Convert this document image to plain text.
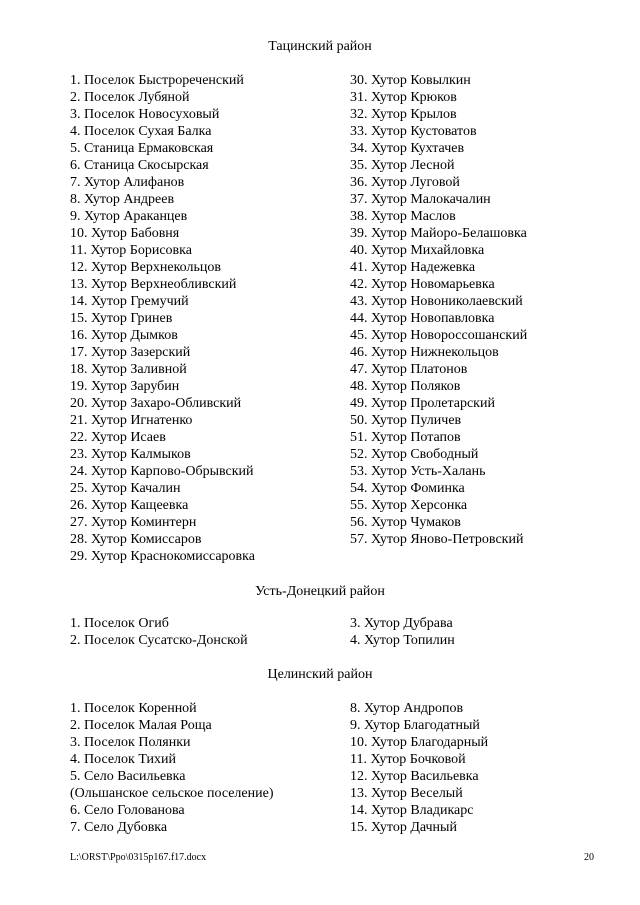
Тацинский район
1. Поселок Быстрореченский
2. Поселок Лубяной
3. Поселок Новосуховый
4. Поселок Сухая Балка
5. Станица Ермаковская
6. Станица Скосырская
7. Хутор Алифанов
8. Хутор Андреев
9. Хутор Араканцев
10. Хутор Бабовня
11. Хутор Борисовка
12. Хутор Верхнекольцов
13. Хутор Верхнеобливский
14. Хутор Гремучий
15. Хутор Гринев
16. Хутор Дымков
17. Хутор Зазерский
18. Хутор Заливной
19. Хутор Зарубин
20. Хутор Захаро-Обливский
21. Хутор Игнатенко
22. Хутор Исаев
23. Хутор Калмыков
24. Хутор Карпово-Обрывский
25. Хутор Качалин
26. Хутор Кащеевка
27. Хутор Коминтерн
28. Хутор Комиссаров
29. Хутор Краснокомиссаровка
30. Хутор Ковылкин
31. Хутор Крюков
32. Хутор Крылов
33. Хутор Кустоватов
34. Хутор Кухтачев
35. Хутор Лесной
36. Хутор Луговой
37. Хутор Малокачалин
38. Хутор Маслов
39. Хутор Майоро-Белашовка
40. Хутор Михайловка
41. Хутор Надежевка
42. Хутор Новомарьевка
43. Хутор Новониколаевский
44. Хутор Новопавловка
45. Хутор Новороссошанский
46. Хутор Нижнекольцов
47. Хутор Платонов
48. Хутор Поляков
49. Хутор Пролетарский
50. Хутор Пуличев
51. Хутор Потапов
52. Хутор Свободный
53. Хутор Усть-Халань
54. Хутор Фоминка
55. Хутор Херсонка
56. Хутор Чумаков
57. Хутор Яново-Петровский
Усть-Донецкий район
1. Поселок Огиб
2. Поселок Сусатско-Донской
3. Хутор Дубрава
4. Хутор Топилин
Целинский район
1. Поселок Коренной
2. Поселок Малая Роща
3. Поселок Полянки
4. Поселок Тихий
5. Село Васильевка
(Ольшанское сельское поселение)
6. Село Голованова
7. Село Дубовка
8. Хутор Андропов
9. Хутор Благодатный
10. Хутор Благодарный
11. Хутор Бочковой
12. Хутор Васильевка
13. Хутор Веселый
14. Хутор Владикарс
15. Хутор Дачный
L:\ORST\Ppo\0315p167.f17.docx	20
